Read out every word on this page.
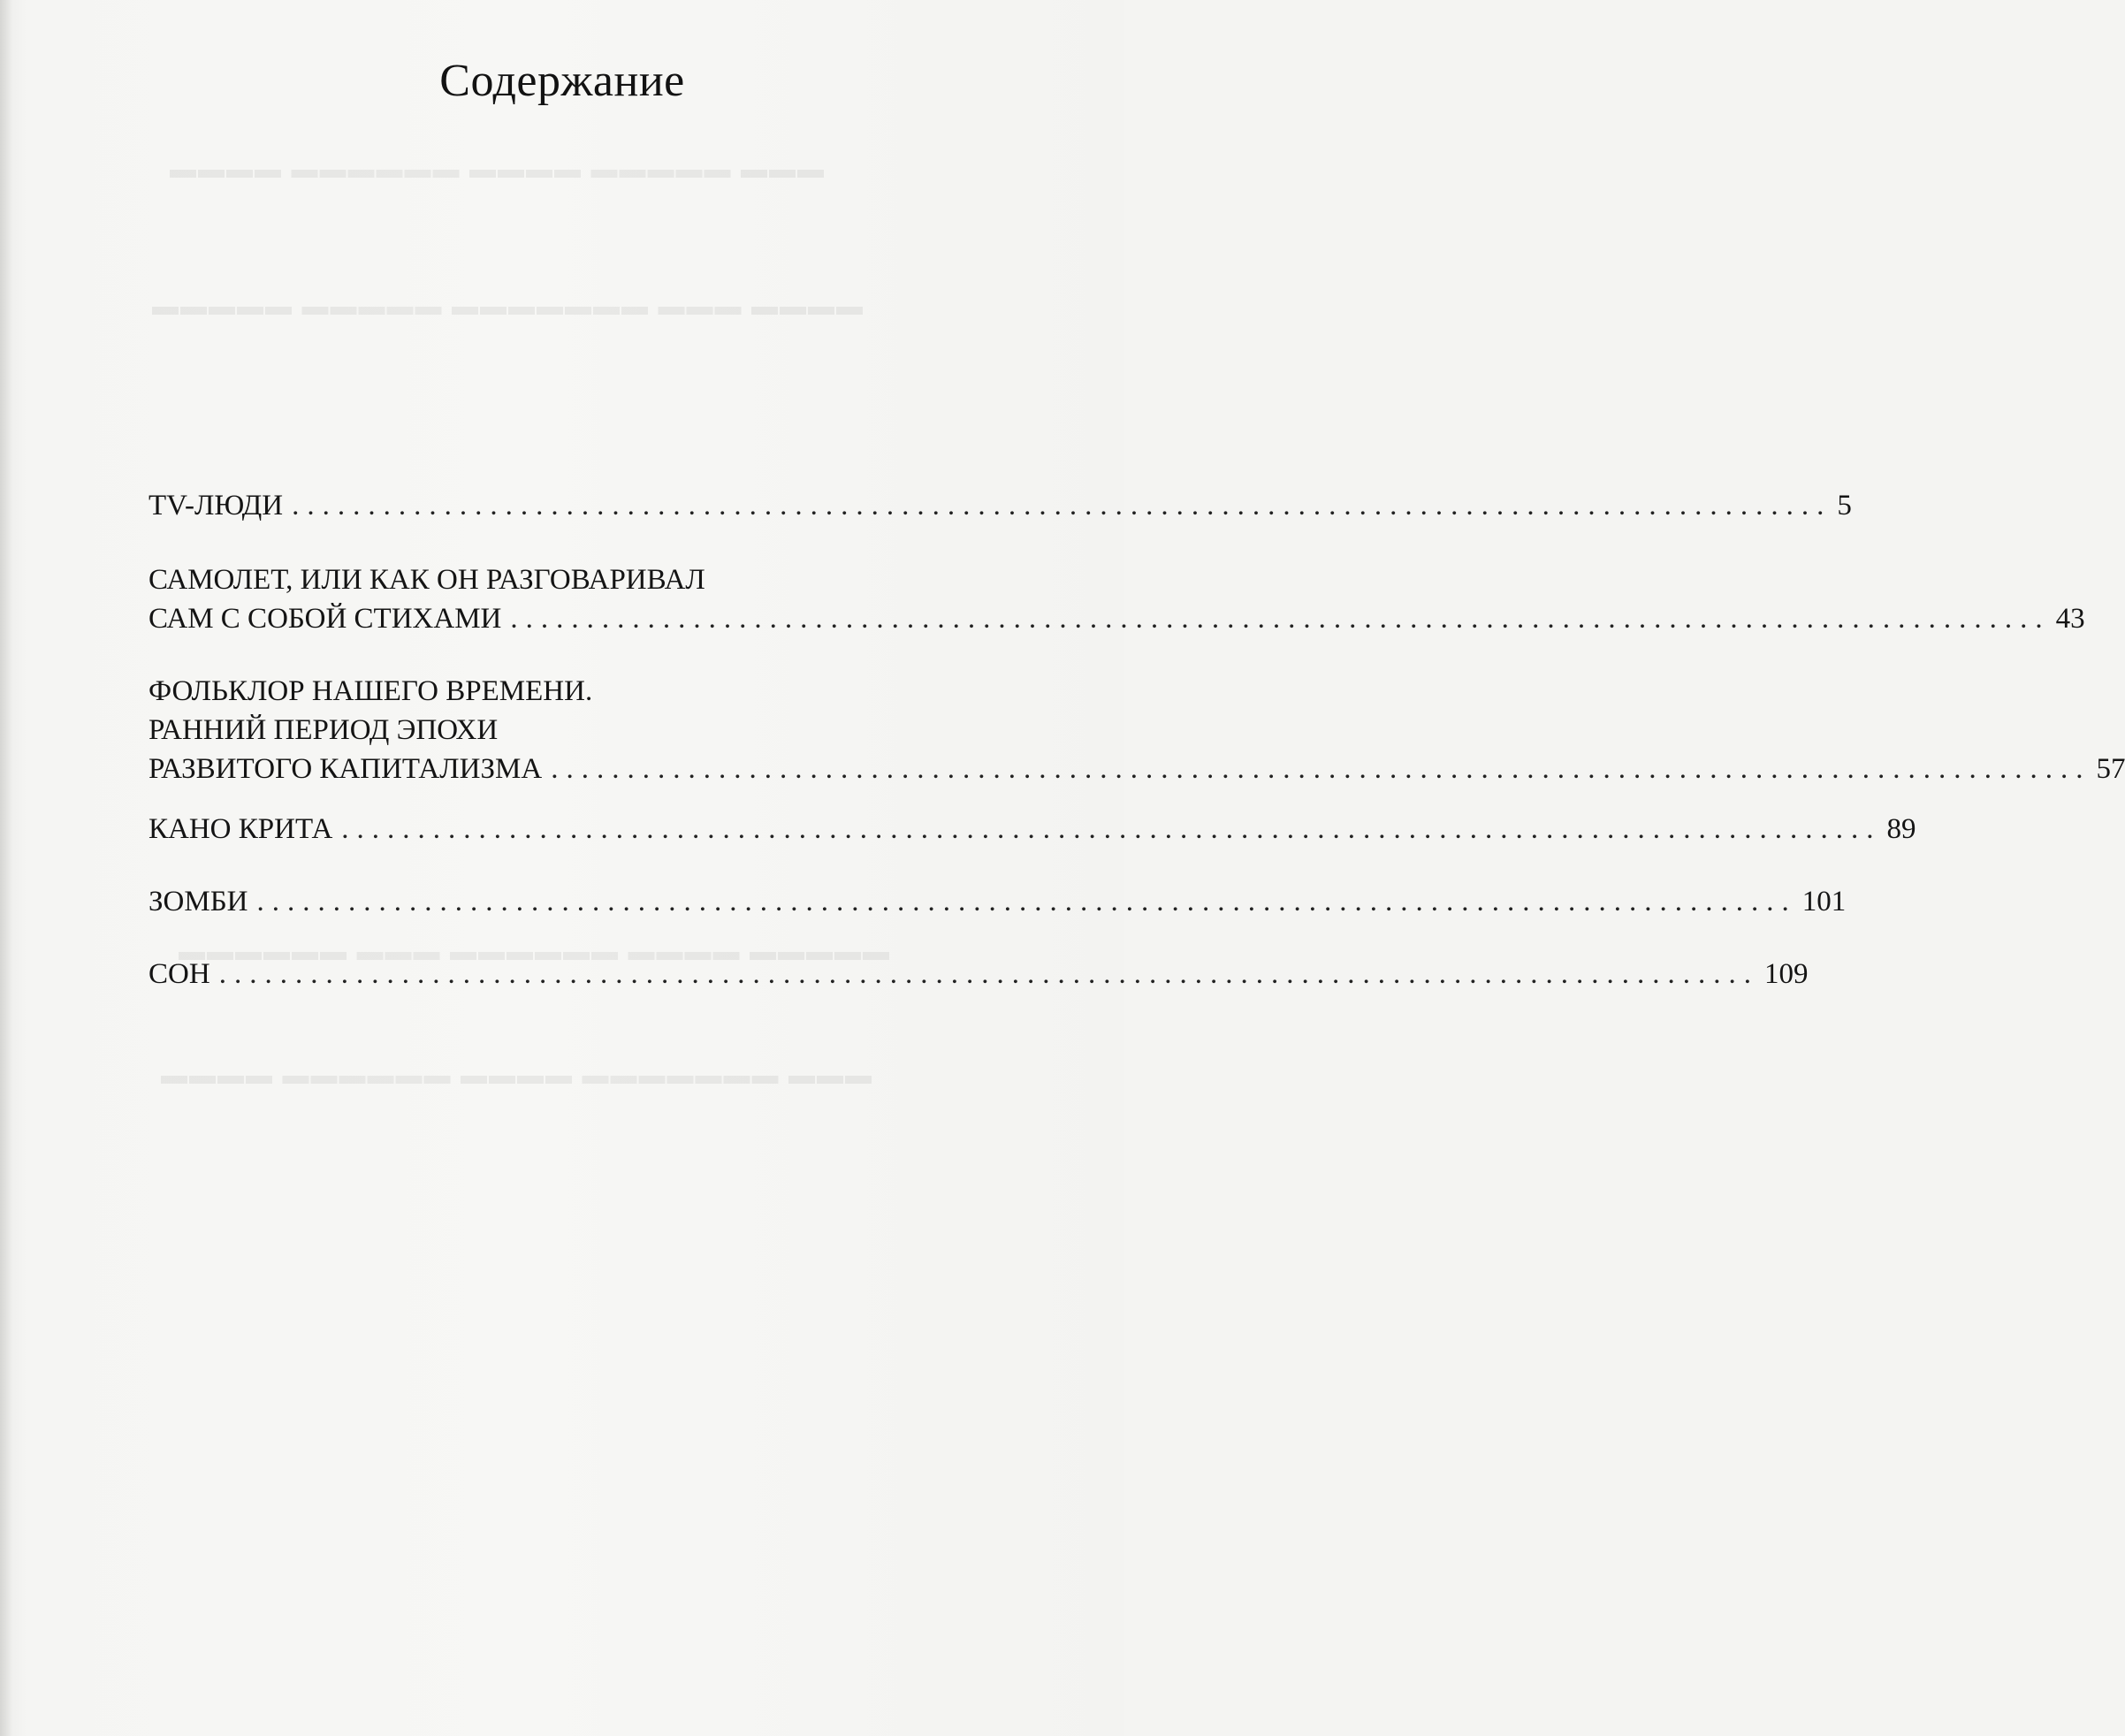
▬▬▬ ▬▬▬▬▬ ▬▬▬▬ ▬▬▬▬▬▬ ▬▬▬▬
▬▬▬▬ ▬▬▬ ▬▬▬▬▬▬▬ ▬▬▬▬▬ ▬▬▬▬▬
▬▬▬▬▬ ▬▬▬▬ ▬▬▬▬▬▬ ▬▬▬ ▬▬▬▬▬▬
▬▬▬ ▬▬▬▬▬▬▬ ▬▬▬▬ ▬▬▬▬▬▬ ▬▬▬▬
Содержание
TV-ЛЮДИ ..................................................................................................... 5
САМОЛЕТ, ИЛИ КАК ОН РАЗГОВАРИВАЛ
САМ С СОБОЙ СТИХАМИ ..................................................................................................... 43
ФОЛЬКЛОР НАШЕГО ВРЕМЕНИ.
РАННИЙ ПЕРИОД ЭПОХИ
РАЗВИТОГО КАПИТАЛИЗМА ..................................................................................................... 57
КАНО КРИТА ..................................................................................................... 89
ЗОМБИ ..................................................................................................... 101
СОН ..................................................................................................... 109
